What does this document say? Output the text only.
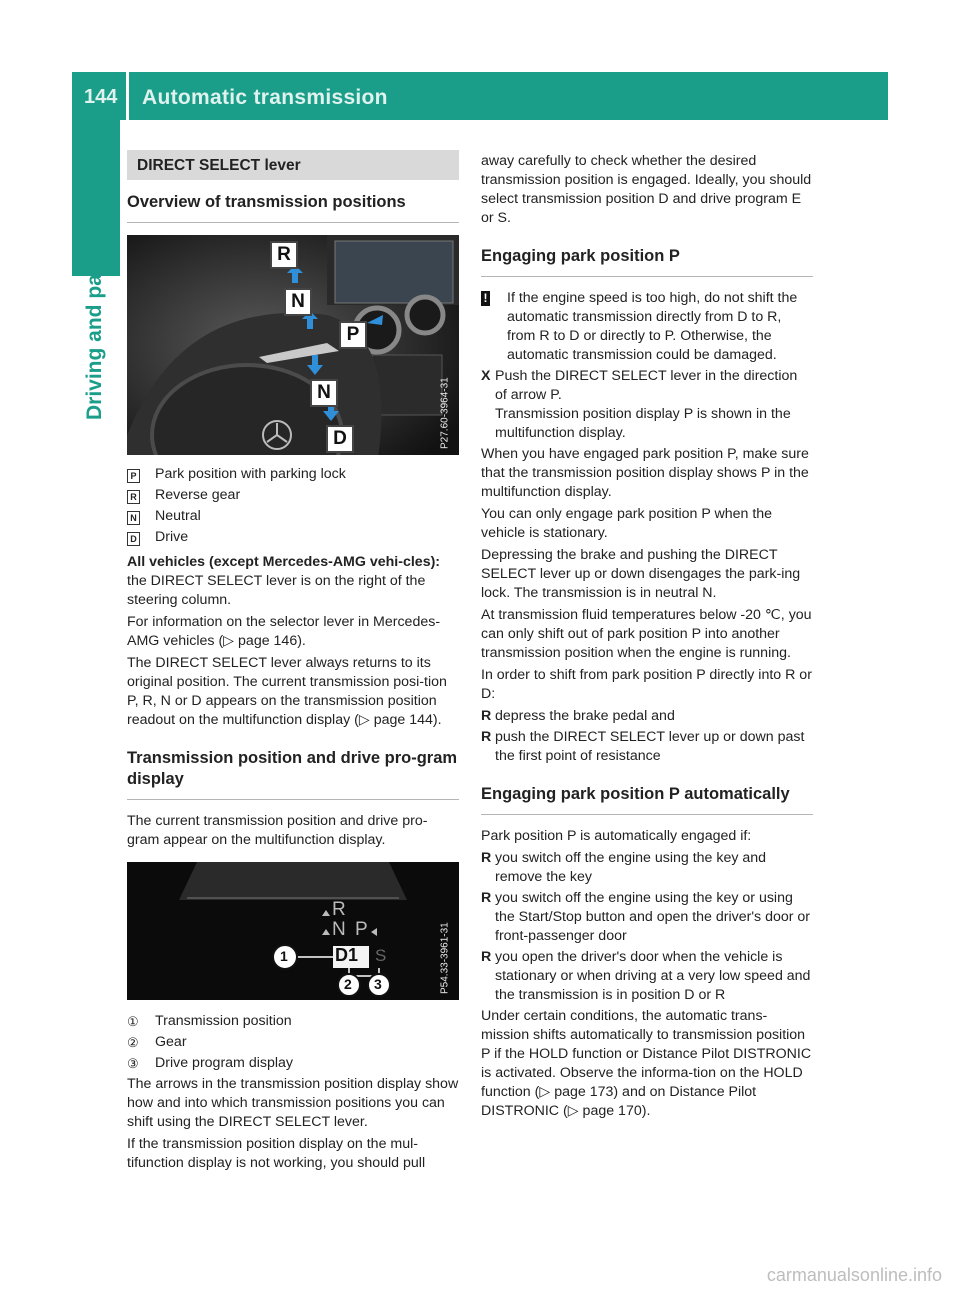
144 Automatic transmission
Driving and parking
DIRECT SELECT lever
Overview of transmission positions
R
N
P
N
D	P27.60-3964-31
P	Park position with parking lock
R	Reverse gear
N	Neutral
D	Drive

All vehicles (except Mercedes-AMG vehi-cles): the DIRECT SELECT lever is on the right of the steering column.

For information on the selector lever in Mercedes-AMG vehicles (▷ page 146).

The DIRECT SELECT lever always returns to its original position. The current transmission posi-tion P, R, N or D appears on the transmission position readout on the multifunction display (▷ page 144).

Transmission position and drive pro-gram display

The current transmission position and drive pro-gram appear on the multifunction display.

R
N P
D1 S
1
2 3	P54.33-3961-31
①	Transmission position
②	Gear
③	Drive program display

The arrows in the transmission position display show how and into which transmission positions you can shift using the DIRECT SELECT lever.

If the transmission position display on the mul-tifunction display is not working, you should pull

away carefully to check whether the desired transmission position is engaged. Ideally, you should select transmission position D and drive program E or S.

Engaging park position P
!	If the engine speed is too high, do not shift the automatic transmission directly from D to R, from R to D or directly to P. Otherwise, the automatic transmission could be damaged.
X Push the DIRECT SELECT lever in the direction of arrow P.
Transmission position display P is shown in the multifunction display.

When you have engaged park position P, make sure that the transmission position display shows P in the multifunction display.

You can only engage park position P when the vehicle is stationary.

Depressing the brake and pushing the DIRECT SELECT lever up or down disengages the park-ing lock. The transmission is in neutral N.

At transmission fluid temperatures below -20 ℃, you can only shift out of park position P into another transmission position when the engine is running.

In order to shift from park position P directly into R or D:

R depress the brake pedal and
R push the DIRECT SELECT lever up or down past the first point of resistance
Engaging park position P automatically

Park position P is automatically engaged if:

R you switch off the engine using the key and remove the key
R you switch off the engine using the key or using the Start/Stop button and open the driver's door or front-passenger door
R you open the driver's door when the vehicle is stationary or when driving at a very low speed and the transmission is in position D or R

Under certain conditions, the automatic trans-mission shifts automatically to transmission position P if the HOLD function or Distance Pilot DISTRONIC is activated. Observe the informa-tion on the HOLD function (▷ page 173) and on Distance Pilot DISTRONIC (▷ page 170).

carmanualsonline.info
